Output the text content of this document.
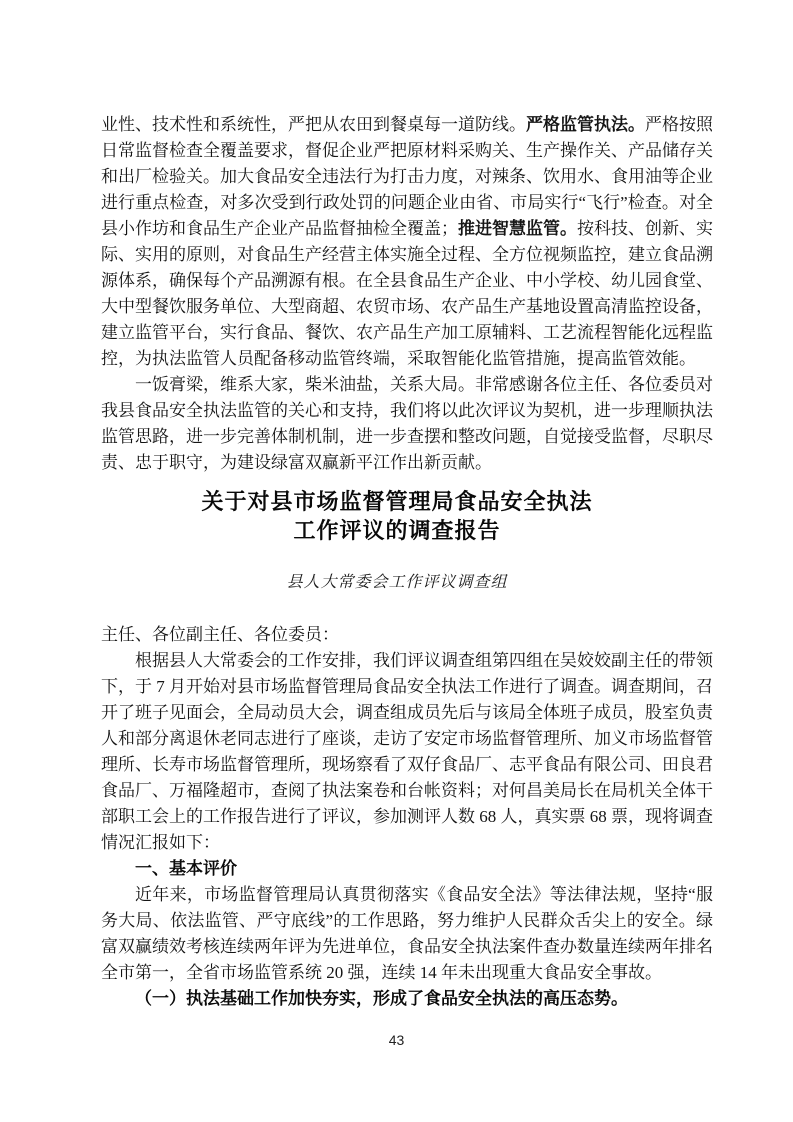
业性、技术性和系统性，严把从农田到餐桌每一道防线。严格监管执法。严格按照日常监督检查全覆盖要求，督促企业严把原材料采购关、生产操作关、产品储存关和出厂检验关。加大食品安全违法行为打击力度，对辣条、饮用水、食用油等企业进行重点检查，对多次受到行政处罚的问题企业由省、市局实行“飞行”检查。对全县小作坊和食品生产企业产品监督抽检全覆盖；推进智慧监管。按科技、创新、实际、实用的原则，对食品生产经营主体实施全过程、全方位视频监控，建立食品溯源体系，确保每个产品溯源有根。在全县食品生产企业、中小学校、幼儿园食堂、大中型餐饮服务单位、大型商超、农贸市场、农产品生产基地设置高清监控设备，建立监管平台，实行食品、餐饮、农产品生产加工原辅料、工艺流程智能化远程监控，为执法监管人员配备移动监管终端，采取智能化监管措施，提高监管效能。

一饭膏梁，维系大家，柴米油盐，关系大局。非常感谢各位主任、各位委员对我县食品安全执法监管的关心和支持，我们将以此次评议为契机，进一步理顺执法监管思路，进一步完善体制机制，进一步查摆和整改问题，自觉接受监督，尽职尽责、忠于职守，为建设绿富双赢新平江作出新贡献。

关于对县市场监督管理局食品安全执法
工作评议的调查报告
县人大常委会工作评议调查组

主任、各位副主任、各位委员：

根据县人大常委会的工作安排，我们评议调查组第四组在吴姣姣副主任的带领下，于 7 月开始对县市场监督管理局食品安全执法工作进行了调查。调查期间，召开了班子见面会，全局动员大会，调查组成员先后与该局全体班子成员，股室负责人和部分离退休老同志进行了座谈，走访了安定市场监督管理所、加义市场监督管理所、长寿市场监督管理所，现场察看了双仔食品厂、志平食品有限公司、田良君食品厂、万福隆超市，查阅了执法案卷和台帐资料；对何昌美局长在局机关全体干部职工会上的工作报告进行了评议，参加测评人数 68 人，真实票 68 票，现将调查情况汇报如下：

一、基本评价

近年来，市场监督管理局认真贯彻落实《食品安全法》等法律法规，坚持“服务大局、依法监管、严守底线”的工作思路，努力维护人民群众舌尖上的安全。绿富双赢绩效考核连续两年评为先进单位，食品安全执法案件查办数量连续两年排名全市第一，全省市场监管系统 20 强，连续 14 年未出现重大食品安全事故。

（一）执法基础工作加快夯实，形成了食品安全执法的高压态势。
43
